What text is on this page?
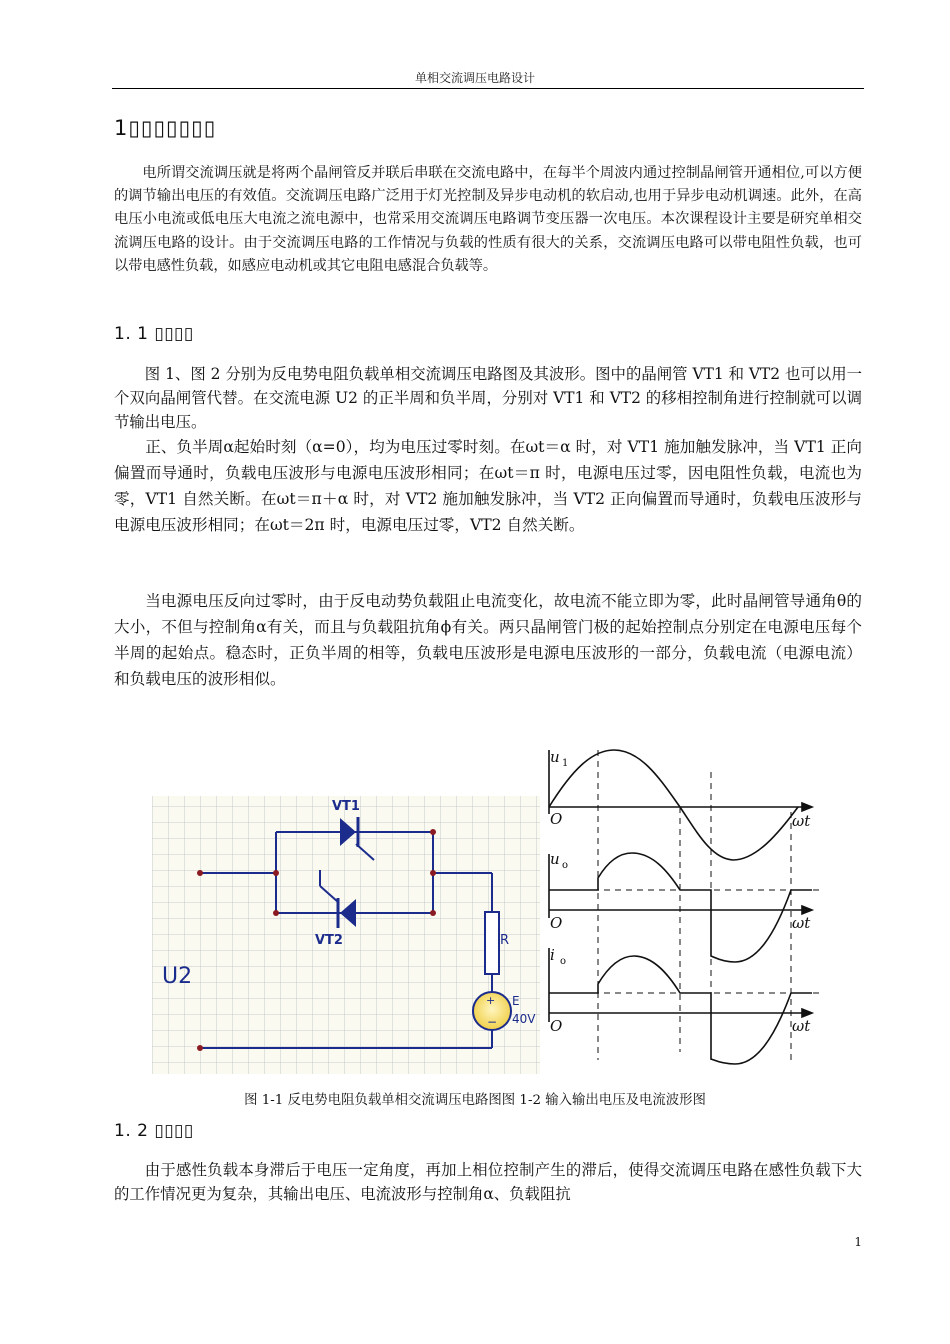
单相交流调压电路设计
1▯▯▯▯▯▯▯

电所谓交流调压就是将两个晶闸管反并联后串联在交流电路中，在每半个周波内通过控制晶闸管开通相位,可以方便的调节输出电压的有效值。交流调压电路广泛用于灯光控制及异步电动机的软启动,也用于异步电动机调速。此外，在高电压小电流或低电压大电流之流电源中，也常采用交流调压电路调节变压器一次电压。本次课程设计主要是研究单相交流调压电路的设计。由于交流调压电路的工作情况与负载的性质有很大的关系，交流调压电路可以带电阻性负载，也可以带电感性负载，如感应电动机或其它电阻电感混合负载等。

1. 1 ▯▯▯▯

图 1、图 2 分别为反电势电阻负载单相交流调压电路图及其波形。图中的晶闸管 VT1 和 VT2 也可以用一个双向晶闸管代替。在交流电源 U2 的正半周和负半周，分别对 VT1 和 VT2 的移相控制角进行控制就可以调节输出电压。

正、负半周α起始时刻（α=0），均为电压过零时刻。在ωt＝α 时，对 VT1 施加触发脉冲，当 VT1 正向偏置而导通时，负载电压波形与电源电压波形相同；在ωt＝π 时，电源电压过零，因电阻性负载，电流也为零，VT1 自然关断。在ωt＝π＋α 时，对 VT2 施加触发脉冲，当 VT2 正向偏置而导通时，负载电压波形与电源电压波形相同；在ωt＝2π 时，电源电压过零，VT2 自然关断。

当电源电压反向过零时，由于反电动势负载阻止电流变化，故电流不能立即为零，此时晶闸管导通角θ的大小，不但与控制角α有关，而且与负载阻抗角ϕ有关。两只晶闸管门极的起始控制点分别定在电源电压每个半周的起始点。稳态时，正负半周的相等，负载电压波形是电源电压波形的一部分，负载电流（电源电流）和负载电压的波形相似。

+
−
VT1
VT2	R
U2
E
40V
u 1
O	ωt
u o
O	ωt
i o
O	ωt
图 1-1 反电势电阻负载单相交流调压电路图图 1-2 输入输出电压及电流波形图
1. 2 ▯▯▯▯

由于感性负载本身滞后于电压一定角度，再加上相位控制产生的滞后，使得交流调压电路在感性负载下大的工作情况更为复杂，其输出电压、电流波形与控制角α、负载阻抗

1
